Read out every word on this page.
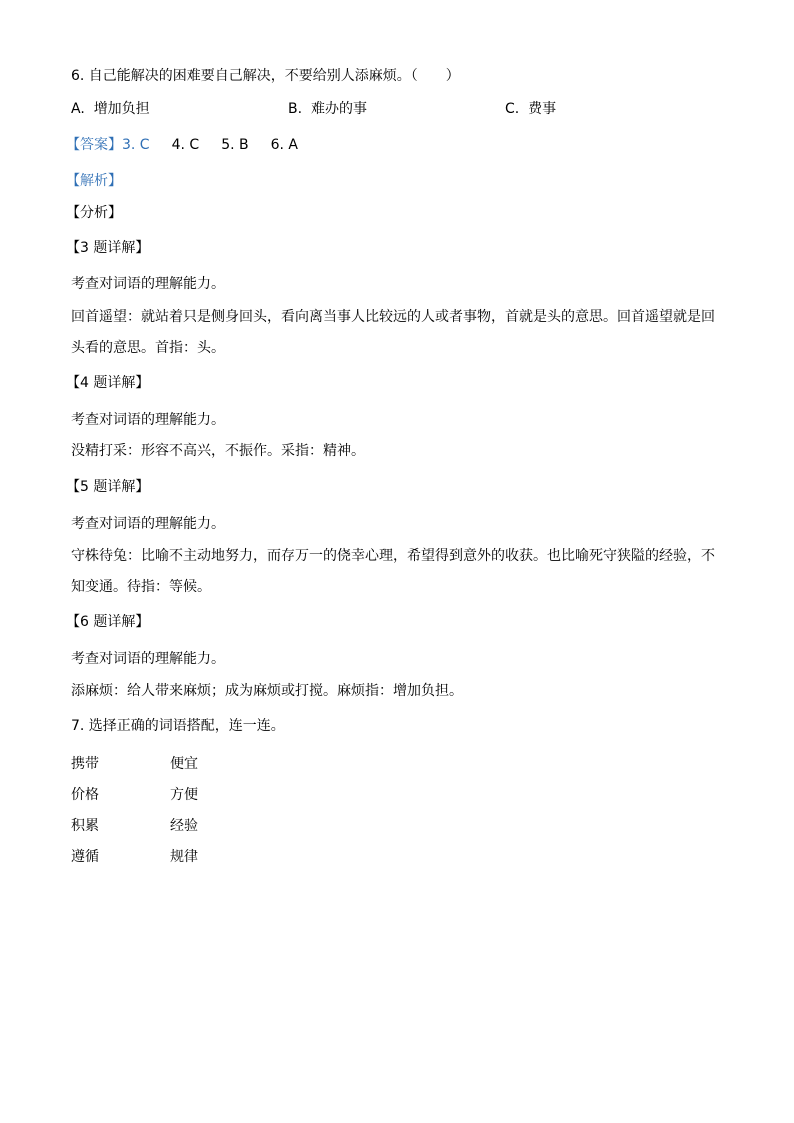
6. 自己能解决的困难要自己解决，不要给别人添麻烦。（　　）
A. 增加负担	B. 难办的事	C. 费事
【答案】3. C 4. C 5. B 6. A
【解析】
【分析】
【3 题详解】
考查对词语的理解能力。
回首遥望：就站着只是侧身回头，看向离当事人比较远的人或者事物，首就是头的意思。回首遥望就是回
头看的意思。首指：头。
【4 题详解】
考查对词语的理解能力。
没精打采：形容不高兴，不振作。采指：精神。
【5 题详解】
考查对词语的理解能力。
守株待兔：比喻不主动地努力，而存万一的侥幸心理，希望得到意外的收获。也比喻死守狭隘的经验，不
知变通。待指：等候。
【6 题详解】
考查对词语的理解能力。
添麻烦：给人带来麻烦；成为麻烦或打搅。麻烦指：增加负担。
7. 选择正确的词语搭配，连一连。
携带	便宜
价格	方便
积累	经验
遵循	规律
